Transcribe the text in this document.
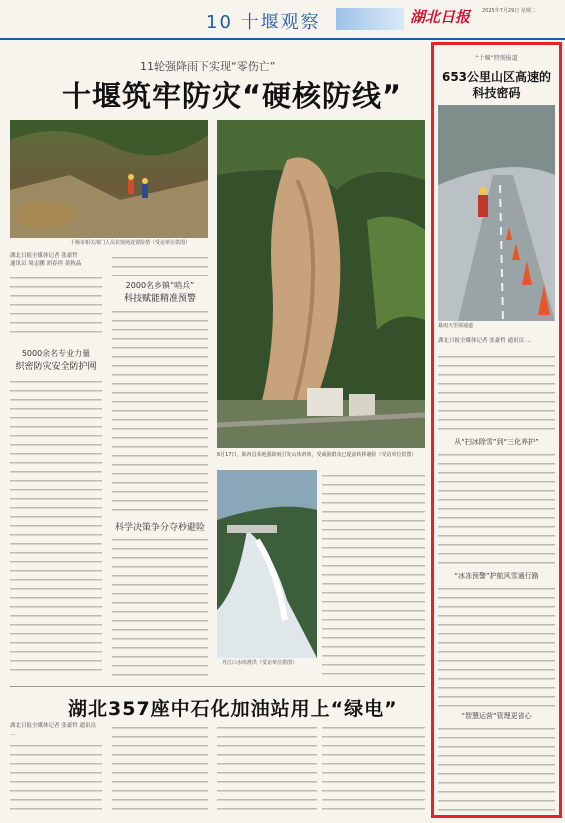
10 十堰观察	湖北日报 2025年7月29日 星期二
11轮强降雨下实现“零伤亡”
十堰筑牢防灾“硬核防线”
十堰市相关部门人员在现场处置险情（受访单位供图）
6月17日，郧西县某地强降雨引发山体滑坡，受威胁群众已提前转移避险（受访单位供图）
湖北日报全媒体记者 张豪哲
通讯员 周志鹏 胡春祥 黄秋晶
5000余名专业力量
织密防灾安全防护网
2000名乡镇“哨兵”
科技赋能精准预警
科学决策争分夺秒避险
丹江口水库泄洪（受访单位供图）
湖北357座中石化加油站用上“绿电”
湖北日报全媒体记者 张豪哲 通讯员 ...
“十堰”特别报道
653公里山区高速的
科技密码
暴雨天里保通道
湖北日报全媒体记者 张豪哲 通讯员 ...
从“扫冰除雪”到“三化养护”
“冰冻预警”护航风雪通行路
“智慧运营”管理更省心
